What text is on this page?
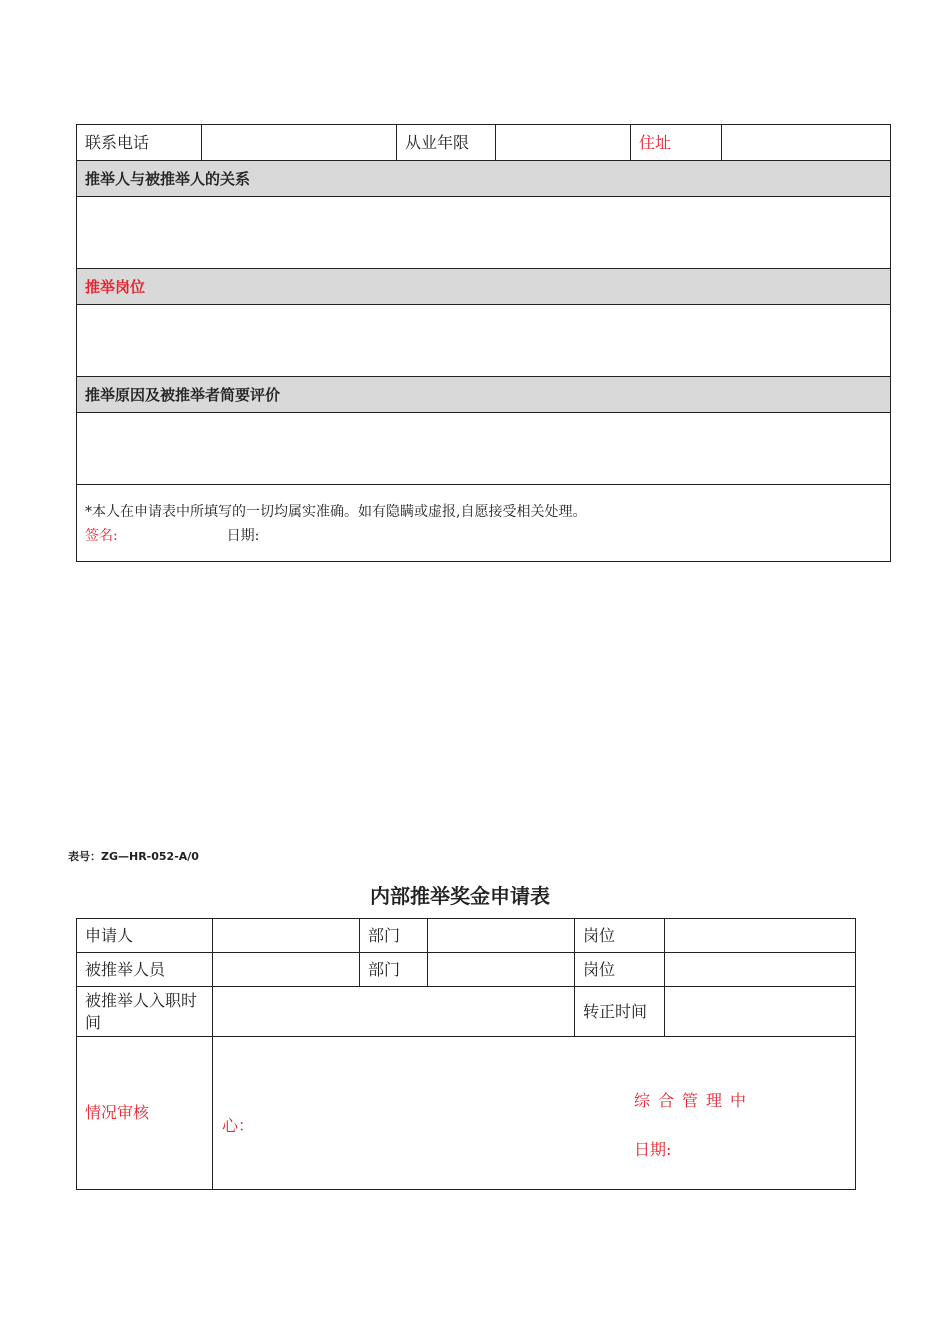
联系电话		从业年限		住址	
推举人与被推举人的关系

推举岗位

推举原因及被推举者简要评价

*本人在申请表中所填写的一切均属实准确。如有隐瞒或虚报,自愿接受相关处理。
签名:	日期:

表号：ZG—HR-052-A/0

内部推举奖金申请表
申请人		部门		岗位	
被推举人员		部门		岗位	
被推举人入职时间				转正时间	
情况审核	综合管理中
心：
日期:				
